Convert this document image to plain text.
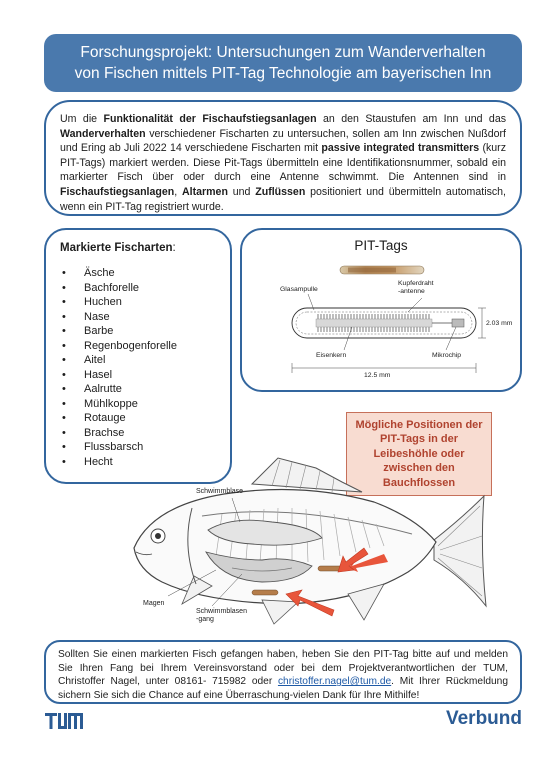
Forschungsprojekt: Untersuchungen zum Wanderverhalten
von Fischen mittels PIT-Tag Technologie am bayerischen Inn
Um die Funktionalität der Fischaufstiegsanlagen an den Staustufen am Inn und das Wanderverhalten verschiedener Fischarten zu untersuchen, sollen am Inn zwischen Nußdorf und Ering ab Juli 2022 14 verschiedene Fischarten mit passive integrated transmitters (kurz PIT-Tags) markiert werden. Diese Pit-Tags übermitteln eine Identifikationsnummer, sobald ein markierter Fisch über oder durch eine Antenne schwimmt. Die Antennen sind in Fischaufstiegsanlagen, Altarmen und Zuflüssen positioniert und übermitteln automatisch, wenn ein PIT-Tag registriert wurde.
Markierte Fischarten:
• Äsche
• Bachforelle
• Huchen
• Nase
• Barbe
• Regenbogenforelle
• Aitel
• Hasel
• Aalrutte
• Mühlkoppe
• Rotauge
• Brachse
• Flussbarsch
• Hecht
PIT-Tags
Glasampulle
Kupferdraht
-antenne
2.03 mm
Eisenkern	Mikrochip
12.5 mm
Mögliche Positionen der PIT-Tags in der Leibeshöhle oder zwischen den Bauchflossen
Schwimmblase
Magen
Schwimmblasen
-gang
Sollten Sie einen markierten Fisch gefangen haben, heben Sie den PIT-Tag bitte auf und melden Sie Ihren Fang bei Ihrem Vereinsvorstand oder bei dem Projektverantwortlichen der TUM, Christoffer Nagel, unter 08161- 715982 oder christoffer.nagel@tum.de. Mit Ihrer Rückmeldung sichern Sie sich die Chance auf eine Überraschung-vielen Dank für Ihre Mithilfe!
Verbund
